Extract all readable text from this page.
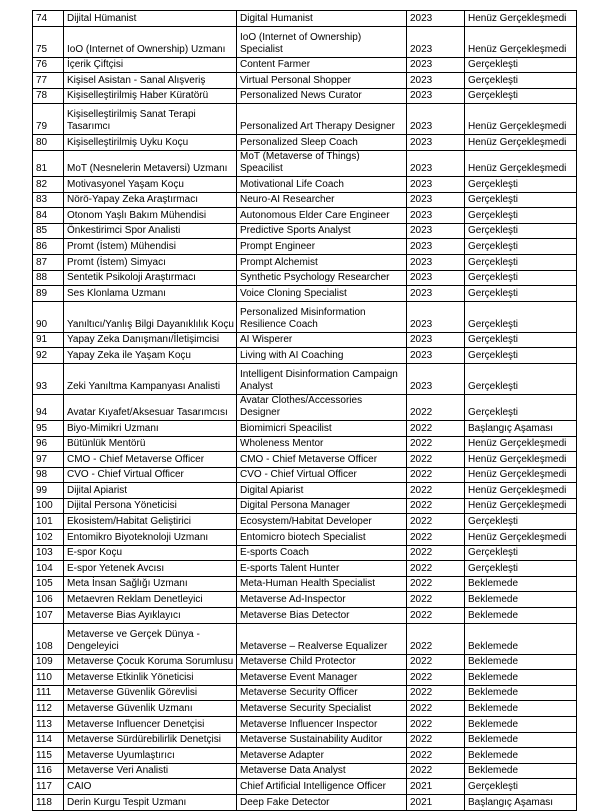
74	Dijital Hümanist	Digital Humanist	2023	Henüz Gerçekleşmedi
75	IoO (Internet of Ownership) Uzmanı	IoO (Internet of Ownership)
Specialist	2023	Henüz Gerçekleşmedi
76	İçerik Çiftçisi	Content Farmer	2023	Gerçekleşti
77	Kişisel Asistan - Sanal Alışveriş	Virtual Personal Shopper	2023	Gerçekleşti
78	Kişiselleştirilmiş Haber Küratörü	Personalized News Curator	2023	Gerçekleşti
79	Kişiselleştirilmiş Sanat Terapi
Tasarımcı	Personalized Art Therapy Designer	2023	Henüz Gerçekleşmedi
80	Kişiselleştirilmiş Uyku Koçu	Personalized Sleep Coach	2023	Henüz Gerçekleşmedi
81	MoT (Nesnelerin Metaversi) Uzmanı	MoT (Metaverse of Things) Speacilist	2023	Henüz Gerçekleşmedi
82	Motivasyonel Yaşam Koçu	Motivational Life Coach	2023	Gerçekleşti
83	Nörö-Yapay Zeka Araştırmacı	Neuro-AI Researcher	2023	Gerçekleşti
84	Otonom Yaşlı Bakım Mühendisi	Autonomous Elder Care Engineer	2023	Gerçekleşti
85	Önkestirimci Spor Analisti	Predictive Sports Analyst	2023	Gerçekleşti
86	Promt (İstem) Mühendisi	Prompt Engineer	2023	Gerçekleşti
87	Promt (İstem) Simyacı	Prompt Alchemist	2023	Gerçekleşti
88	Sentetik Psikoloji Araştırmacı	Synthetic Psychology Researcher	2023	Gerçekleşti
89	Ses Klonlama Uzmanı	Voice Cloning Specialist	2023	Gerçekleşti
90	Yanıltıcı/Yanlış Bilgi Dayanıklılık Koçu	Personalized Misinformation
Resilience Coach	2023	Gerçekleşti
91	Yapay Zeka Danışmanı/İletişimcisi	AI Wisperer	2023	Gerçekleşti
92	Yapay Zeka ile Yaşam Koçu	Living with AI Coaching	2023	Gerçekleşti
93	Zeki Yanıltma Kampanyası Analisti	Intelligent Disinformation Campaign
Analyst	2023	Gerçekleşti
94	Avatar Kıyafet/Aksesuar Tasarımcısı	Avatar Clothes/Accessories Designer	2022	Gerçekleşti
95	Biyo-Mimikri Uzmanı	Biomimicri Speacilist	2022	Başlangıç Aşaması
96	Bütünlük Mentörü	Wholeness Mentor	2022	Henüz Gerçekleşmedi
97	CMO - Chief Metaverse Officer	CMO - Chief Metaverse Officer	2022	Henüz Gerçekleşmedi
98	CVO - Chief Virtual Officer	CVO - Chief Virtual Officer	2022	Henüz Gerçekleşmedi
99	Dijital Apiarist	Digital Apiarist	2022	Henüz Gerçekleşmedi
100	Dijital Persona Yöneticisi	Digital Persona Manager	2022	Henüz Gerçekleşmedi
101	Ekosistem/Habitat Geliştirici	Ecosystem/Habitat Developer	2022	Gerçekleşti
102	Entomikro Biyoteknoloji Uzmanı	Entomicro biotech Specialist	2022	Henüz Gerçekleşmedi
103	E-spor Koçu	E-sports Coach	2022	Gerçekleşti
104	E-spor Yetenek Avcısı	E-sports Talent Hunter	2022	Gerçekleşti
105	Meta İnsan Sağlığı Uzmanı	Meta-Human Health Specialist	2022	Beklemede
106	Metaevren Reklam Denetleyici	Metaverse Ad-Inspector	2022	Beklemede
107	Metaverse Bias Ayıklayıcı	Metaverse Bias Detector	2022	Beklemede
108	Metaverse ve Gerçek Dünya -
Dengeleyici	Metaverse – Realverse Equalizer	2022	Beklemede
109	Metaverse Çocuk Koruma Sorumlusu	Metaverse Child Protector	2022	Beklemede
110	Metaverse Etkinlik Yöneticisi	Metaverse Event Manager	2022	Beklemede
111	Metaverse Güvenlik Görevlisi	Metaverse Security Officer	2022	Beklemede
112	Metaverse Güvenlik Uzmanı	Metaverse Security Specialist	2022	Beklemede
113	Metaverse Influencer Denetçisi	Metaverse Influencer Inspector	2022	Beklemede
114	Metaverse Sürdürebilirlik Denetçisi	Metaverse Sustainability Auditor	2022	Beklemede
115	Metaverse Uyumlaştırıcı	Metaverse Adapter	2022	Beklemede
116	Metaverse Veri Analisti	Metaverse Data Analyst	2022	Beklemede
117	CAIO	Chief Artificial Intelligence Officer	2021	Gerçekleşti
118	Derin Kurgu Tespit Uzmanı	Deep Fake Detector	2021	Başlangıç Aşaması
